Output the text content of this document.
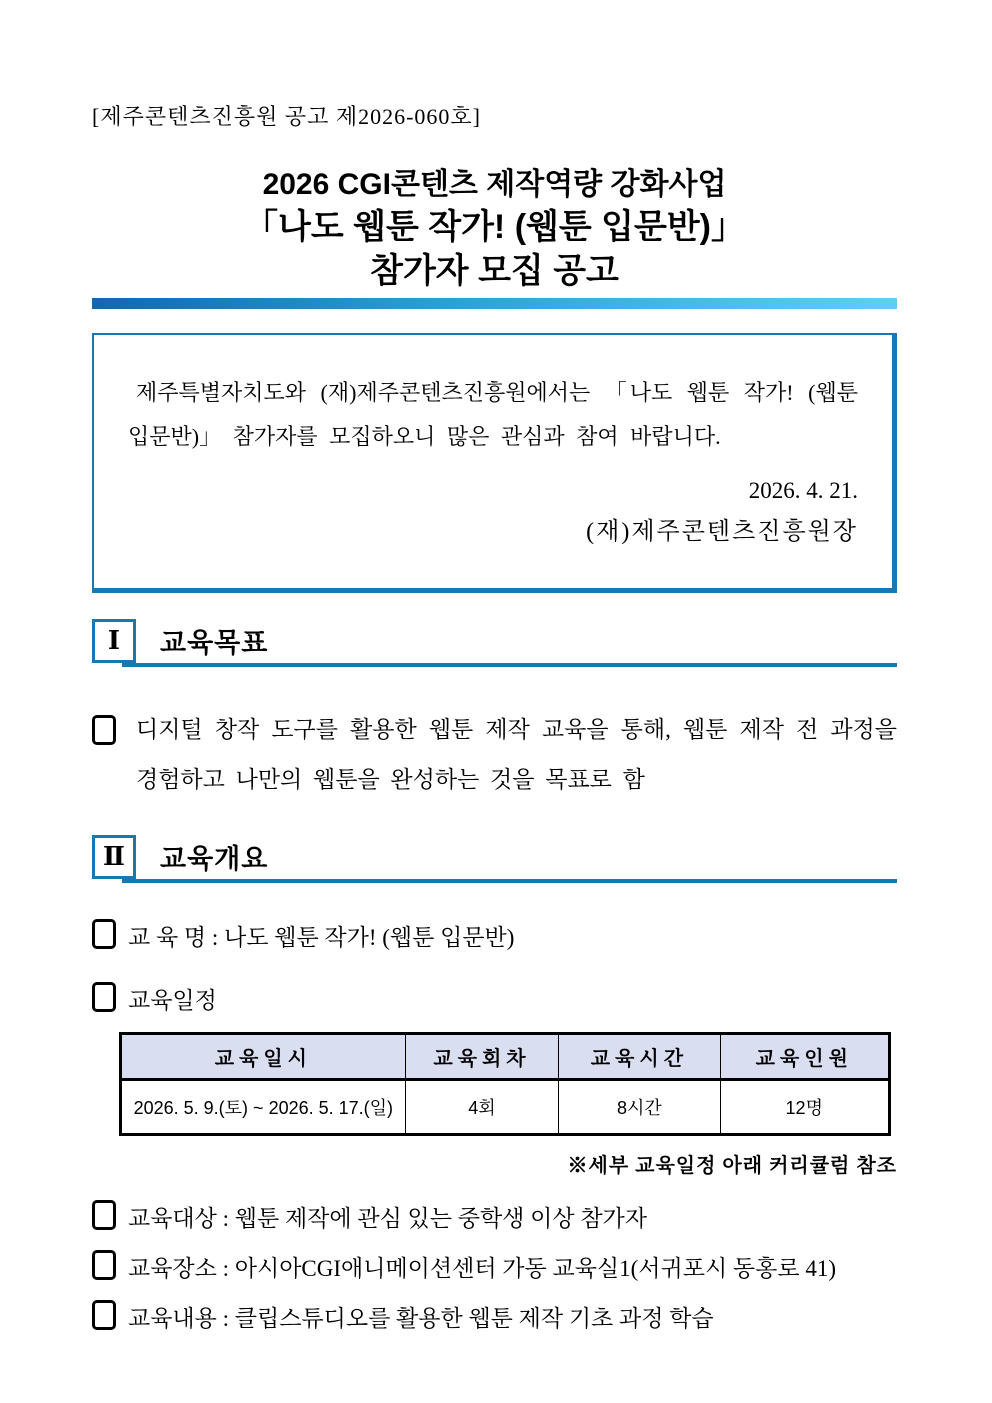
[제주콘텐츠진흥원 공고 제2026-060호]
2026 CGI콘텐츠 제작역량 강화사업
「나도 웹툰 작가! (웹툰 입문반)」
참가자 모집 공고
제주특별자치도와 (재)제주콘텐츠진흥원에서는 「나도 웹툰 작가! (웹툰 입문반)」 참가자를 모집하오니 많은 관심과 참여 바랍니다.
2026. 4. 21.
(재)제주콘텐츠진흥원장
Ⅰ 교육목표
디지털 창작 도구를 활용한 웹툰 제작 교육을 통해, 웹툰 제작 전 과정을 경험하고 나만의 웹툰을 완성하는 것을 목표로 함
Ⅱ 교육개요
교 육 명 : 나도 웹툰 작가! (웹툰 입문반)
교육일정
교육일시	교육회차	교육시간	교육인원
2026. 5. 9.(토) ~ 2026. 5. 17.(일)	4회	8시간	12명
※세부 교육일정 아래 커리큘럼 참조
교육대상 : 웹툰 제작에 관심 있는 중학생 이상 참가자
교육장소 : 아시아CGI애니메이션센터 가동 교육실1(서귀포시 동홍로 41)
교육내용 : 클립스튜디오를 활용한 웹툰 제작 기초 과정 학습
